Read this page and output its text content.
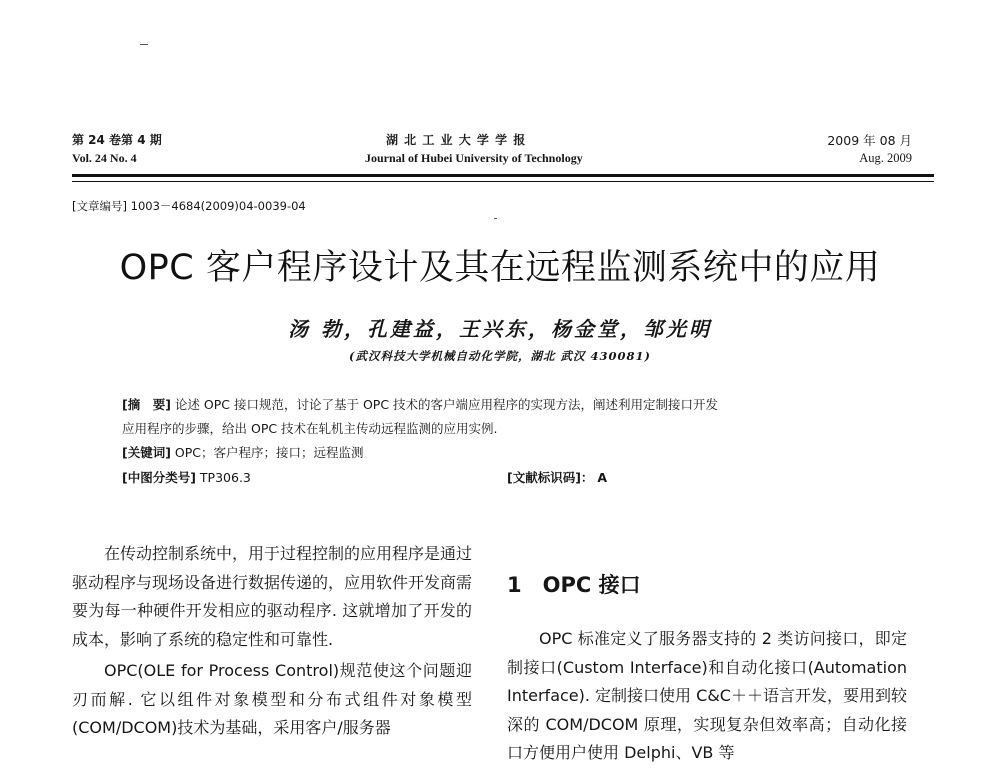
第 24 卷第 4 期
Vol. 24 No. 4
湖 北 工 业 大 学 学 报
Journal of Hubei University of Technology
2009 年 08 月
Aug. 2009
[文章编号] 1003－4684(2009)04-0039-04
OPC 客户程序设计及其在远程监测系统中的应用
汤 勃，孔建益，王兴东，杨金堂，邹光明
(武汉科技大学机械自动化学院，湖北 武汉 430081)
[摘　要] 论述 OPC 接口规范，讨论了基于 OPC 技术的客户端应用程序的实现方法，阐述利用定制接口开发
应用程序的步骤，给出 OPC 技术在轧机主传动远程监测的应用实例.
[关键词] OPC；客户程序；接口；远程监测
[中图分类号] TP306.3	[文献标识码]： A

在传动控制系统中，用于过程控制的应用程序是通过驱动程序与现场设备进行数据传递的，应用软件开发商需要为每一种硬件开发相应的驱动程序. 这就增加了开发的成本，影响了系统的稳定性和可靠性.

OPC(OLE for Process Control)规范使这个问题迎刃而解. 它以组件对象模型和分布式组件对象模型(COM/DCOM)技术为基础，采用客户/服务器

1　OPC 接口

OPC 标准定义了服务器支持的 2 类访问接口，即定制接口(Custom Interface)和自动化接口(Automation Interface). 定制接口使用 C&C＋＋语言开发，要用到较深的 COM/DCOM 原理，实现复杂但效率高；自动化接口方便用户使用 Delphi、VB 等
